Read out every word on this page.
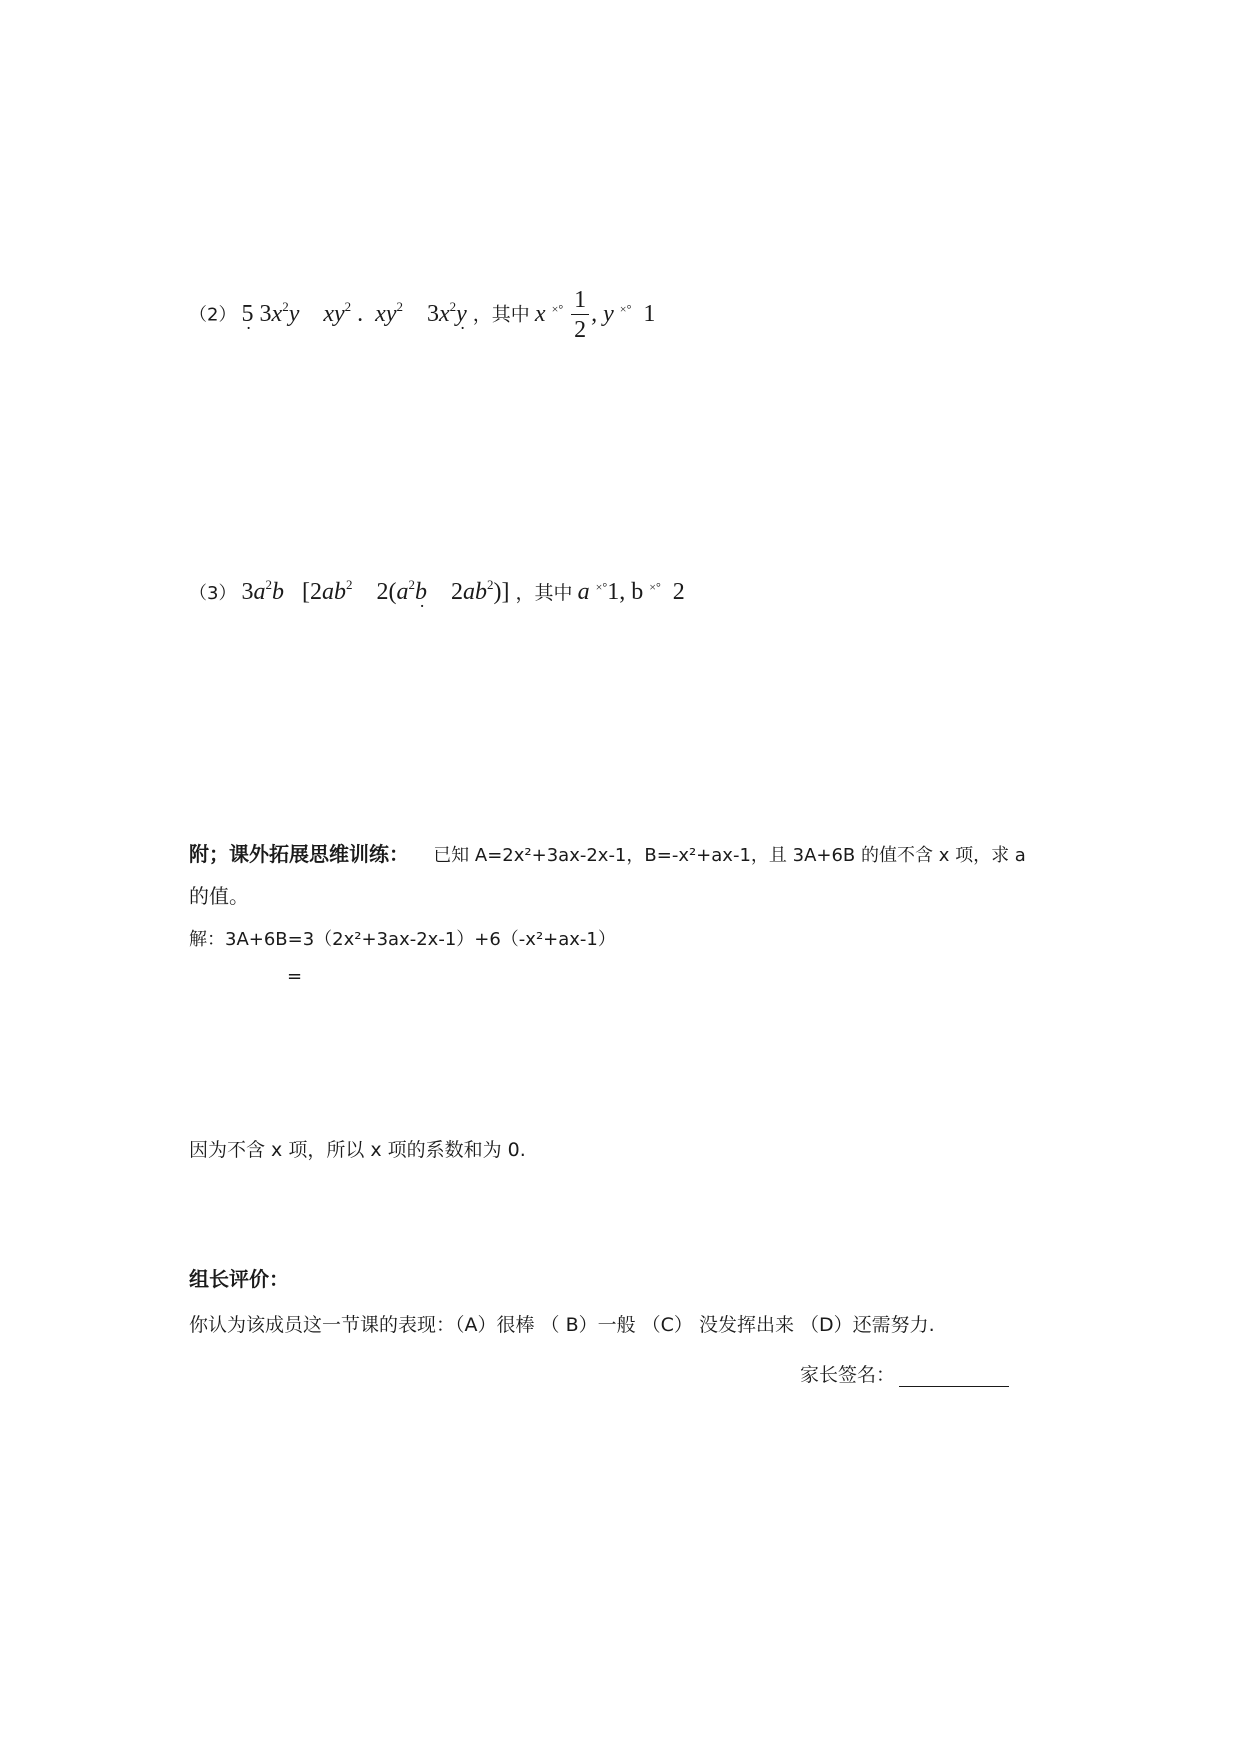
（2） 5 . $3x^2y$ $xy^2$ .  $xy^2$    $3x^2y$ . ，其中 x $^{\times^\circ} \frac{1}{2}$ , y ×° 1
（3） $3a^2b$   [$2ab^2$    $2(a^2b$ .    $2ab^2$)] ，其中 a ×°1, b ×° 2
附；课外拓展思维训练： 已知 A=2x²+3ax-2x-1，B=-x²+ax-1，且 3A+6B 的值不含 x 项，求 a
的值。
解：3A+6B=3（2x²+3ax-2x-1）+6（-x²+ax-1）
=
因为不含 x 项，所以 x 项的系数和为 0.
组长评价：
你认为该成员这一节课的表现：（A）很棒 （ B）一般 （C） 没发挥出来 （D）还需努力.
家长签名：
